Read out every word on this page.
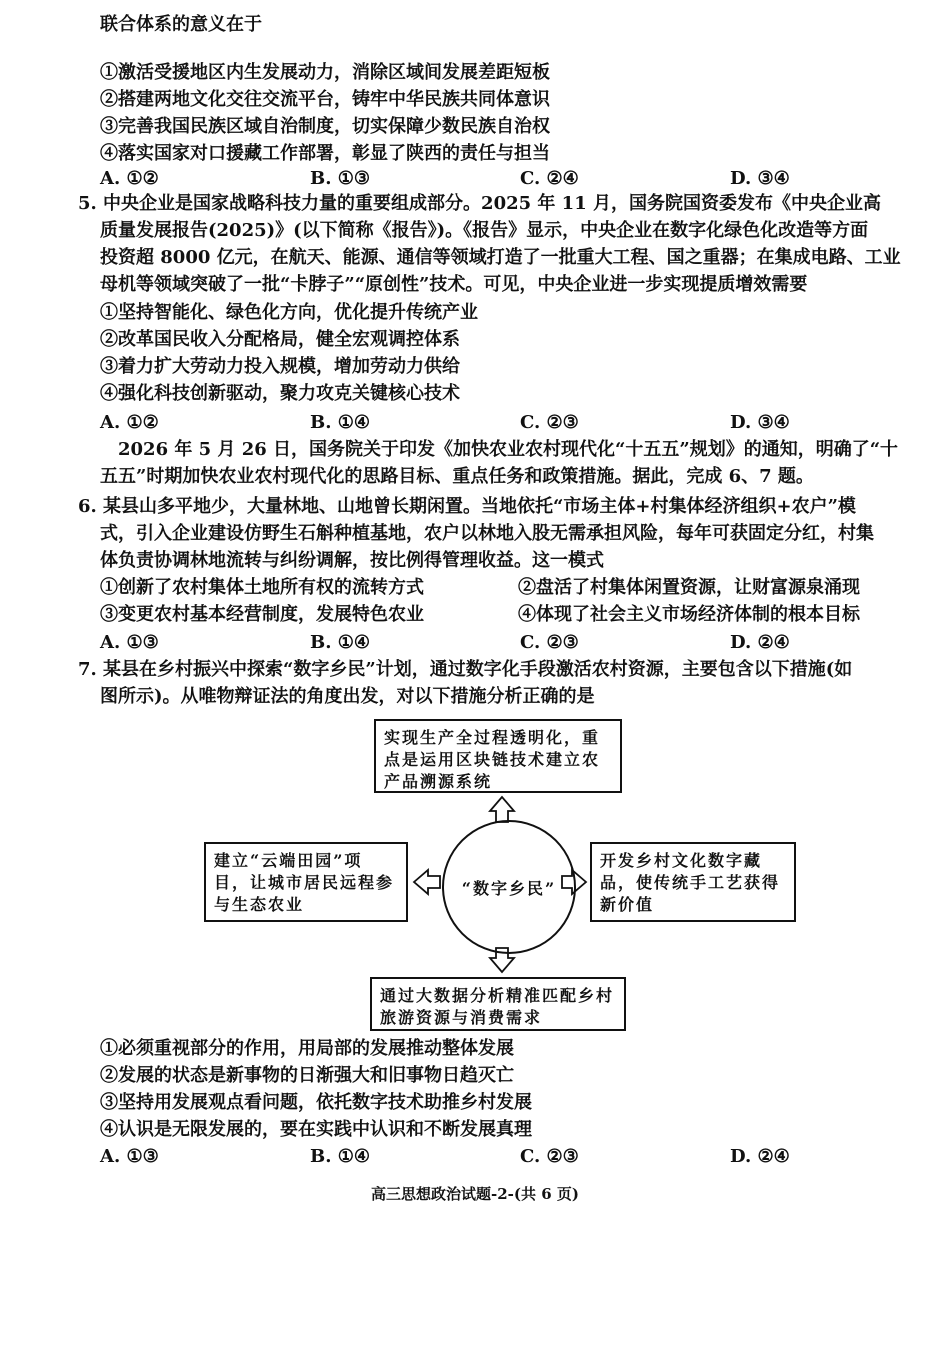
联合体系的意义在于
①激活受援地区内生发展动力，消除区域间发展差距短板
②搭建两地文化交往交流平台，铸牢中华民族共同体意识
③完善我国民族区域自治制度，切实保障少数民族自治权
④落实国家对口援藏工作部署，彰显了陕西的责任与担当
A. ①②	B. ①③	C. ②④	D. ③④
5. 中央企业是国家战略科技力量的重要组成部分。2025 年 11 月，国务院国资委发布《中央企业高
质量发展报告(2025)》(以下简称《报告》)。《报告》显示，中央企业在数字化绿色化改造等方面
投资超 8000 亿元，在航天、能源、通信等领域打造了一批重大工程、国之重器；在集成电路、工业
母机等领域突破了一批“卡脖子”“原创性”技术。可见，中央企业进一步实现提质增效需要
①坚持智能化、绿色化方向，优化提升传统产业
②改革国民收入分配格局，健全宏观调控体系
③着力扩大劳动力投入规模，增加劳动力供给
④强化科技创新驱动，聚力攻克关键核心技术
A. ①②	B. ①④	C. ②③	D. ③④
2026 年 5 月 26 日，国务院关于印发《加快农业农村现代化“十五五”规划》的通知，明确了“十
五五”时期加快农业农村现代化的思路目标、重点任务和政策措施。据此，完成 6、7 题。
6. 某县山多平地少，大量林地、山地曾长期闲置。当地依托“市场主体+村集体经济组织+农户”模
式，引入企业建设仿野生石斛种植基地，农户以林地入股无需承担风险，每年可获固定分红，村集
体负责协调林地流转与纠纷调解，按比例得管理收益。这一模式
①创新了农村集体土地所有权的流转方式	②盘活了村集体闲置资源，让财富源泉涌现
③变更农村基本经营制度，发展特色农业	④体现了社会主义市场经济体制的根本目标
A. ①③	B. ①④	C. ②③	D. ②④
7. 某县在乡村振兴中探索“数字乡民”计划，通过数字化手段激活农村资源，主要包含以下措施(如
图所示)。从唯物辩证法的角度出发，对以下措施分析正确的是
实现生产全过程透明化，重点是运用区块链技术建立农产品溯源系统
建立“云端田园”项目，让城市居民远程参与生态农业
开发乡村文化数字藏品，使传统手工艺获得新价值
通过大数据分析精准匹配乡村旅游资源与消费需求
“数字乡民”
①必须重视部分的作用，用局部的发展推动整体发展
②发展的状态是新事物的日渐强大和旧事物日趋灭亡
③坚持用发展观点看问题，依托数字技术助推乡村发展
④认识是无限发展的，要在实践中认识和不断发展真理
A. ①③	B. ①④	C. ②③	D. ②④
高三思想政治试题-2-(共 6 页)
